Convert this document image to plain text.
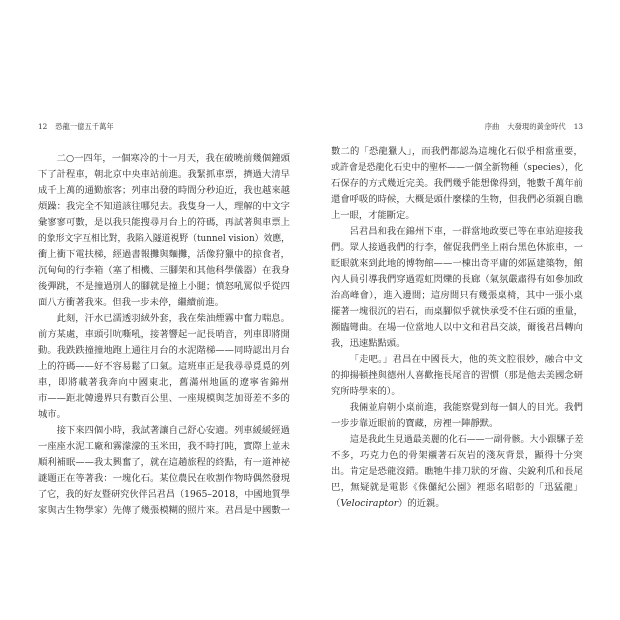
12 恐龍一億五千萬年
二○一四年，一個寒冷的十一月天，我在破曉前幾個鐘頭
下了計程車，朝北京中央車站前進。我緊抓車票，擠過大清早
成千上萬的通勤旅客；列車出發的時間分秒迫近，我也越來越
煩躁：我完全不知道該往哪兒去。我隻身一人，理解的中文字
彙寥寥可數，是以我只能搜尋月台上的符碼，再試著與車票上
的象形文字互相比對，我陷入隧道視野（tunnel vision）效應，
衝上衝下電扶梯，經過書報攤與麵攤，活像狩獵中的掠食者，
沉甸甸的行李箱（塞了相機、三腳架和其他科學儀器）在我身
後彈跳，不是撞過別人的腳就是撞上小腿；憤怒吼罵似乎從四
面八方衝著我來。但我一步未停，繼續前進。
此刻，汗水已濡透羽絨外套，我在柴油煙霧中奮力喘息。
前方某處，車頭引吭嘶吼，接著響起一記長哨音，列車即將開
動。我跌跌撞撞地跑上通往月台的水泥階梯——同時認出月台
上的符碼——好不容易鬆了口氣。這班車正是我尋尋覓覓的列
車，即將載著我奔向中國東北，舊滿州地區的遼寧省錦州
市——距北韓邊界只有數百公里、一座規模與芝加哥差不多的
城市。
接下來四個小時，我試著讓自己舒心安適。列車緩緩經過
一座座水泥工廠和霧濛濛的玉米田，我不時打盹，實際上並未
順利補眠——我太興奮了，就在這趟旅程的終點，有一道神祕
謎題正在等著我：一塊化石。某位農民在收割作物時偶然發現
了它，我的好友暨研究伙伴呂君昌（1965–2018，中國地質學
家與古生物學家）先傳了幾張模糊的照片來。君昌是中國數一
序曲 大發現的黃金時代 13
數二的「恐龍獵人」，而我們都認為這塊化石似乎相當重要，
或許會是恐龍化石史中的聖杯——一個全新物種（species），化
石保存的方式幾近完美。我們幾乎能想像得到，牠數千萬年前
還會呼吸的時候，大概是頭什麼樣的生物，但我們必須親自瞧
上一眼，才能斷定。
呂君昌和我在錦州下車，一群當地政要已等在車站迎接我
們。眾人接過我們的行李，催促我們坐上兩台黑色休旅車，一
眨眼就來到此地的博物館——一棟出奇平庸的郊區建築物，館
內人員引導我們穿過霓虹閃爍的長廊（氣氛嚴肅得有如參加政
治高峰會），進入邊間；這房間只有幾張桌椅，其中一張小桌
擺著一塊很沉的岩石，而桌腳似乎就快承受不住石頭的重量，
瀕臨彎曲。在場一位當地人以中文和君昌交談，爾後君昌轉向
我，迅速點點頭。
「走吧。」君昌在中國長大，他的英文腔很妙，融合中文
的抑揚頓挫與德州人喜歡拖長尾音的習慣（那是他去美國念研
究所時學來的）。
我倆並肩朝小桌前進，我能察覺到每一個人的目光。我們
一步步靠近眼前的寶藏，房裡一陣靜默。
這是我此生見過最美麗的化石——一副骨骸。大小跟騾子差
不多，巧克力色的骨架襯著石灰岩的淺灰背景，顯得十分突
出。肯定是恐龍沒錯。瞧牠牛排刀狀的牙齒、尖銳利爪和長尾
巴，無疑就是電影《侏儸紀公園》裡惡名昭彰的「迅猛龍」
（Velociraptor）的近親。
